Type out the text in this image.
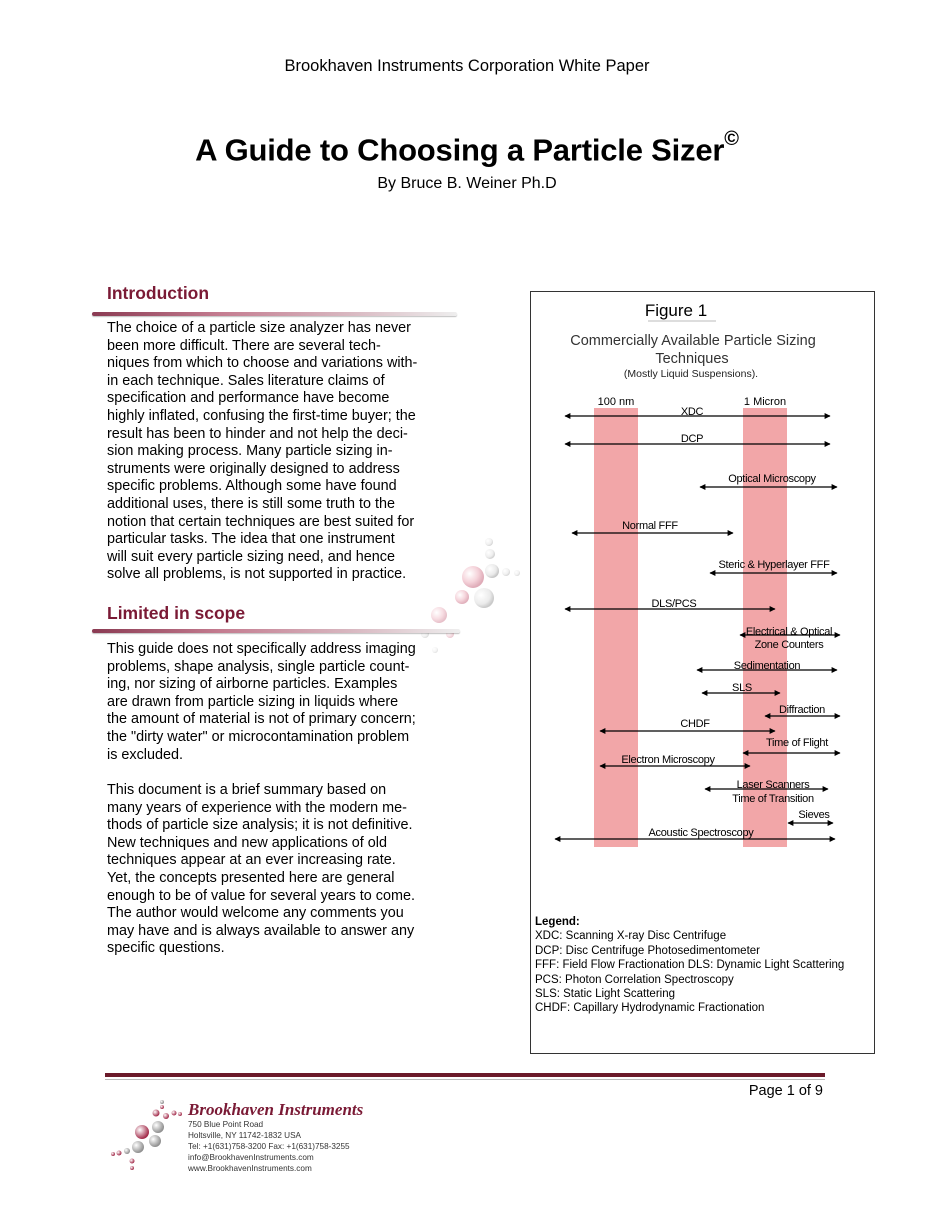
Brookhaven Instruments Corporation White Paper
A Guide to Choosing a Particle Sizer©
By Bruce B. Weiner Ph.D
Introduction
The choice of a particle size analyzer has never
been more difficult. There are several tech-
niques from which to choose and variations with-
in each technique. Sales literature claims of
specification and performance have become
highly inflated, confusing the first-time buyer; the
result has been to hinder and not help the deci-
sion making process. Many particle sizing in-
struments were originally designed to address
specific problems. Although some have found
additional uses, there is still some truth to the
notion that certain techniques are best suited for
particular tasks. The idea that one instrument
will suit every particle sizing need, and hence
solve all problems, is not supported in practice.
Limited in scope
This guide does not specifically address imaging
problems, shape analysis, single particle count-
ing, nor sizing of airborne particles. Examples
are drawn from particle sizing in liquids where
the amount of material is not of primary concern;
the "dirty water" or microcontamination problem
is excluded.
This document is a brief summary based on
many years of experience with the modern me-
thods of particle size analysis; it is not definitive.
New techniques and new applications of old
techniques appear at an ever increasing rate.
Yet, the concepts presented here are general
enough to be of value for several years to come.
The author would welcome any comments you
may have and is always available to answer any
specific questions.
Figure 1
Commercially Available Particle Sizing
Techniques
(Mostly Liquid Suspensions).
100 nm	1 Micron
XDC
DCP
Optical Microscopy
Normal FFF
Steric & Hyperlayer FFF
DLS/PCS
Electrical & Optical
Zone Counters
Sedimentation
SLS
Diffraction
CHDF
Time of Flight
Electron Microscopy
Laser Scanners
Time of Transition
Sieves
Acoustic Spectroscopy
Legend:
XDC: Scanning X-ray Disc Centrifuge
DCP: Disc Centrifuge Photosedimentometer
FFF: Field Flow Fractionation DLS: Dynamic Light Scattering
PCS: Photon Correlation Spectroscopy
SLS: Static Light Scattering
CHDF: Capillary Hydrodynamic Fractionation
Page 1 of 9
Brookhaven Instruments
750 Blue Point Road
Holtsville, NY 11742-1832 USA
Tel: +1(631)758-3200 Fax: +1(631)758-3255
info@BrookhavenInstruments.com
www.BrookhavenInstruments.com
